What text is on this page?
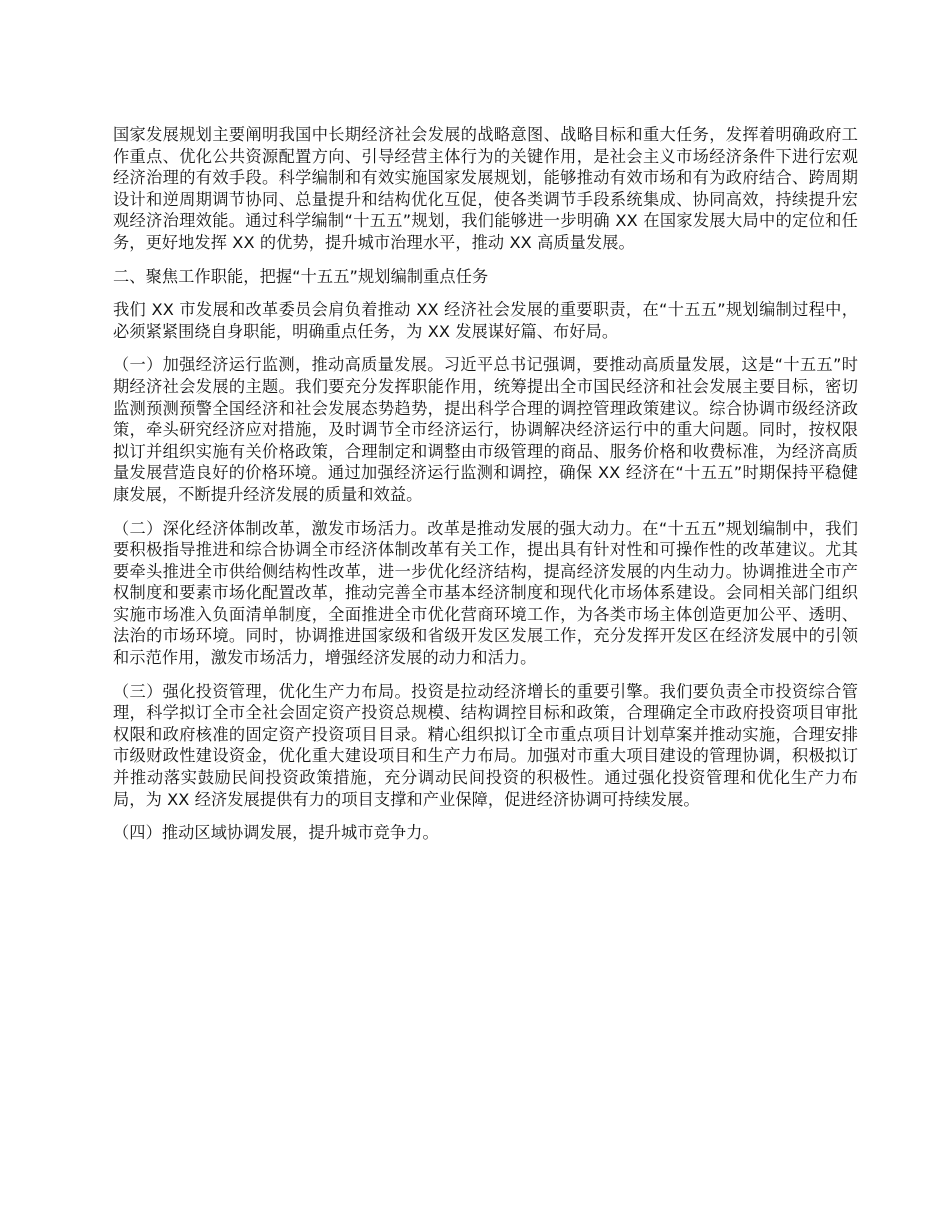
国家发展规划主要阐明我国中长期经济社会发展的战略意图、战略目标和重大任务，发挥着明确政府工作重点、优化公共资源配置方向、引导经营主体行为的关键作用，是社会主义市场经济条件下进行宏观经济治理的有效手段。科学编制和有效实施国家发展规划，能够推动有效市场和有为政府结合、跨周期设计和逆周期调节协同、总量提升和结构优化互促，使各类调节手段系统集成、协同高效，持续提升宏观经济治理效能。通过科学编制“十五五”规划，我们能够进一步明确 XX 在国家发展大局中的定位和任务，更好地发挥 XX 的优势，提升城市治理水平，推动 XX 高质量发展。

二、聚焦工作职能，把握“十五五”规划编制重点任务

我们 XX 市发展和改革委员会肩负着推动 XX 经济社会发展的重要职责，在“十五五”规划编制过程中，必须紧紧围绕自身职能，明确重点任务，为 XX 发展谋好篇、布好局。

（一）加强经济运行监测，推动高质量发展。习近平总书记强调，要推动高质量发展，这是“十五五”时期经济社会发展的主题。我们要充分发挥职能作用，统筹提出全市国民经济和社会发展主要目标，密切监测预测预警全国经济和社会发展态势趋势，提出科学合理的调控管理政策建议。综合协调市级经济政策，牵头研究经济应对措施，及时调节全市经济运行，协调解决经济运行中的重大问题。同时，按权限拟订并组织实施有关价格政策，合理制定和调整由市级管理的商品、服务价格和收费标准，为经济高质量发展营造良好的价格环境。通过加强经济运行监测和调控，确保 XX 经济在“十五五”时期保持平稳健康发展，不断提升经济发展的质量和效益。

（二）深化经济体制改革，激发市场活力。改革是推动发展的强大动力。在“十五五”规划编制中，我们要积极指导推进和综合协调全市经济体制改革有关工作，提出具有针对性和可操作性的改革建议。尤其要牵头推进全市供给侧结构性改革，进一步优化经济结构，提高经济发展的内生动力。协调推进全市产权制度和要素市场化配置改革，推动完善全市基本经济制度和现代化市场体系建设。会同相关部门组织实施市场准入负面清单制度，全面推进全市优化营商环境工作，为各类市场主体创造更加公平、透明、法治的市场环境。同时，协调推进国家级和省级开发区发展工作，充分发挥开发区在经济发展中的引领和示范作用，激发市场活力，增强经济发展的动力和活力。

（三）强化投资管理，优化生产力布局。投资是拉动经济增长的重要引擎。我们要负责全市投资综合管理，科学拟订全市全社会固定资产投资总规模、结构调控目标和政策，合理确定全市政府投资项目审批权限和政府核准的固定资产投资项目目录。精心组织拟订全市重点项目计划草案并推动实施，合理安排市级财政性建设资金，优化重大建设项目和生产力布局。加强对市重大项目建设的管理协调，积极拟订并推动落实鼓励民间投资政策措施，充分调动民间投资的积极性。通过强化投资管理和优化生产力布局，为 XX 经济发展提供有力的项目支撑和产业保障，促进经济协调可持续发展。

（四）推动区域协调发展，提升城市竞争力。
